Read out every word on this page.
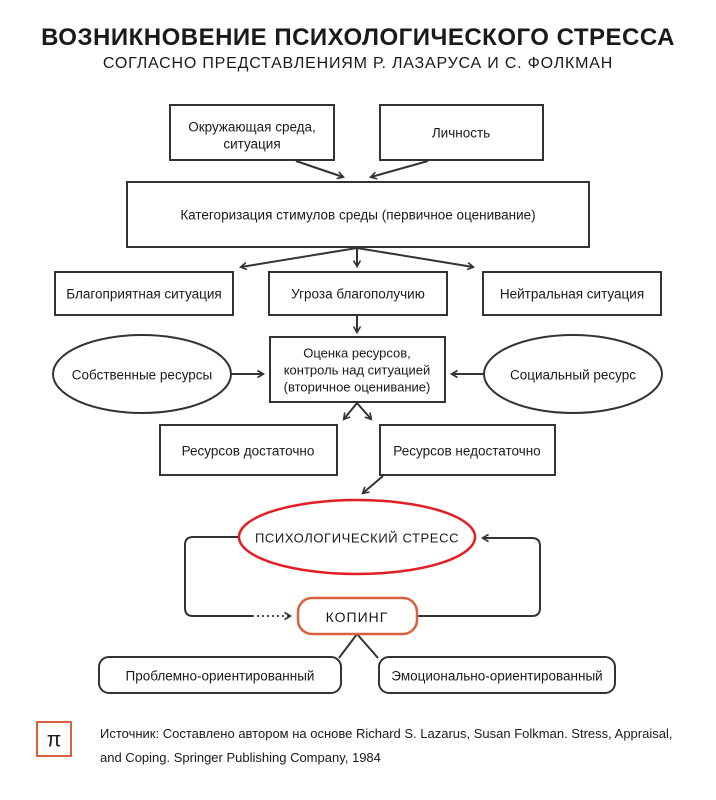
ВОЗНИКНОВЕНИЕ ПСИХОЛОГИЧЕСКОГО СТРЕССА
СОГЛАСНО ПРЕДСТАВЛЕНИЯМ Р. ЛАЗАРУСА И С. ФОЛКМАН
Окружающая среда,
ситуация
Личность
Категоризация стимулов среды (первичное оценивание)
Благоприятная ситуация	Угроза благополучию	Нейтральная ситуация
Собственные ресурсы
Оценка ресурсов,
контроль над ситуацией
(вторичное оценивание)
Социальный ресурс
Ресурсов достаточно	Ресурсов недостаточно
ПСИХОЛОГИЧЕСКИЙ СТРЕСС
КОПИНГ
Проблемно-ориентированный	Эмоционально-ориентированный
π	Источник: Составлено автором на основе Richard S. Lazarus, Susan Folkman. Stress, Appraisal,
and Coping. Springer Publishing Company, 1984
